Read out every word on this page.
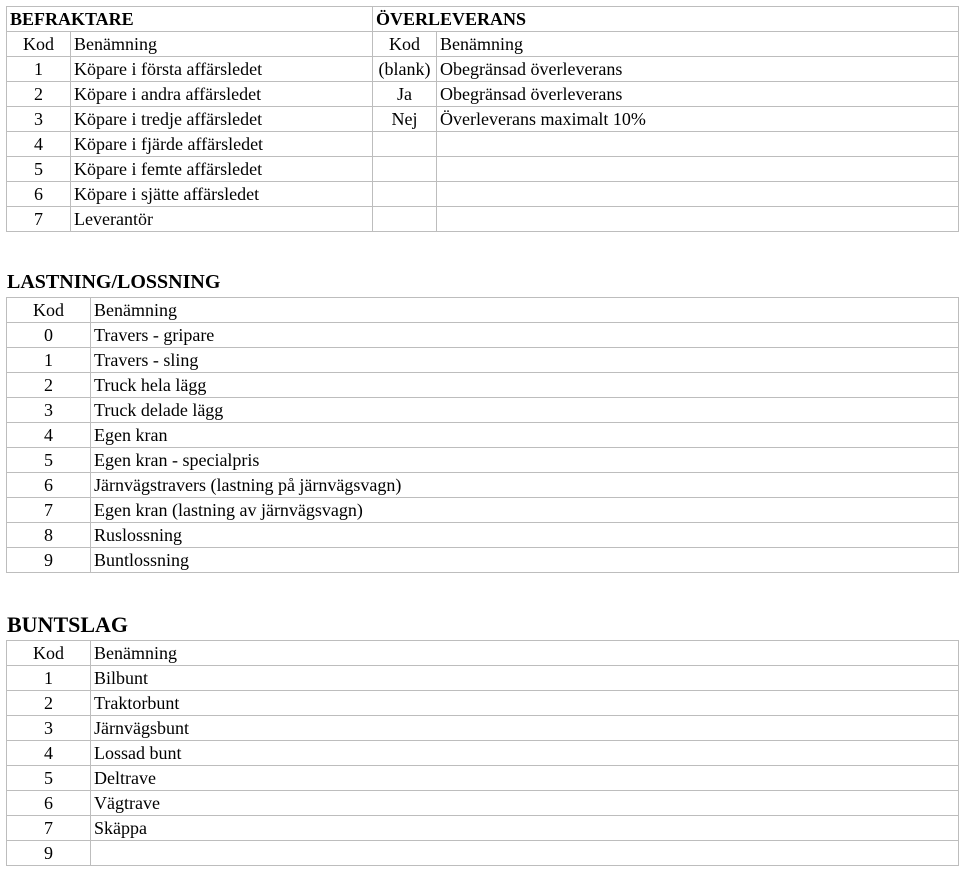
BEFRAKTARE		ÖVERLEVERANS	
Kod	Benämning	Kod	Benämning
1	Köpare i första affärsledet	(blank)	Obegränsad överleverans
2	Köpare i andra affärsledet	Ja	Obegränsad överleverans
3	Köpare i tredje affärsledet	Nej	Överleverans maximalt 10%
4	Köpare i fjärde affärsledet		
5	Köpare i femte affärsledet		
6	Köpare i sjätte affärsledet		
7	Leverantör		
LASTNING/LOSSNING
Kod	Benämning
0	Travers - gripare
1	Travers - sling
2	Truck hela lägg
3	Truck delade lägg
4	Egen kran
5	Egen kran - specialpris
6	Järnvägstravers (lastning på järnvägsvagn)
7	Egen kran (lastning av järnvägsvagn)
8	Ruslossning
9	Buntlossning
BUNTSLAG
Kod	Benämning
1	Bilbunt
2	Traktorbunt
3	Järnvägsbunt
4	Lossad bunt
5	Deltrave
6	Vägtrave
7	Skäppa
9	
